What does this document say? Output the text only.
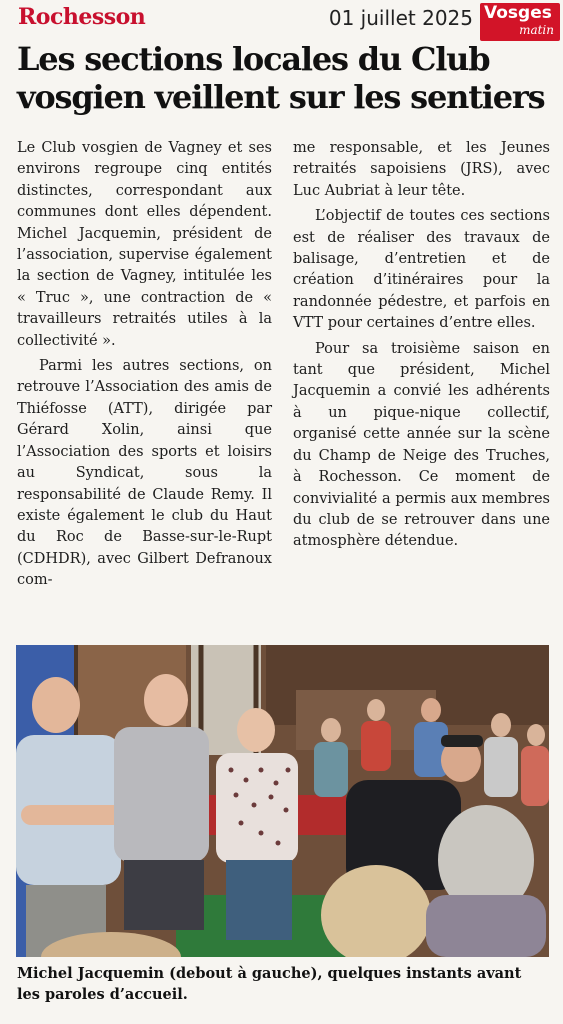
Rochesson	01 juillet 2025 Vosges
matin
Les sections locales du Club vosgien veillent sur les sentiers

Le Club vosgien de Vagney et ses environs regroupe cinq entités distinctes, correspondant aux communes dont elles dépendent. Michel Jacquemin, président de l’association, supervise également la section de Vagney, intitulée les « Truc », une contraction de « travailleurs retraités utiles à la collectivité ».

Parmi les autres sections, on retrouve l’Association des amis de Thiéfosse (ATT), dirigée par Gérard Xolin, ainsi que l’Association des sports et loisirs au Syndicat, sous la responsabilité de Claude Remy. Il existe également le club du Haut du Roc de Basse-sur-le-Rupt (CDHDR), avec Gilbert Defranoux com-

me responsable, et les Jeunes retraités sapoisiens (JRS), avec Luc Aubriat à leur tête.

L’objectif de toutes ces sections est de réaliser des travaux de balisage, d’entretien et de création d’itinéraires pour la randonnée pédestre, et parfois en VTT pour certaines d’entre elles.

Pour sa troisième saison en tant que président, Michel Jacquemin a convié les adhérents à un pique-nique collectif, organisé cette année sur la scène du Champ de Neige des Truches, à Rochesson. Ce moment de convivialité a permis aux membres du club de se retrouver dans une atmosphère détendue.

Michel Jacquemin (debout à gauche), quelques instants avant les paroles d’accueil.
